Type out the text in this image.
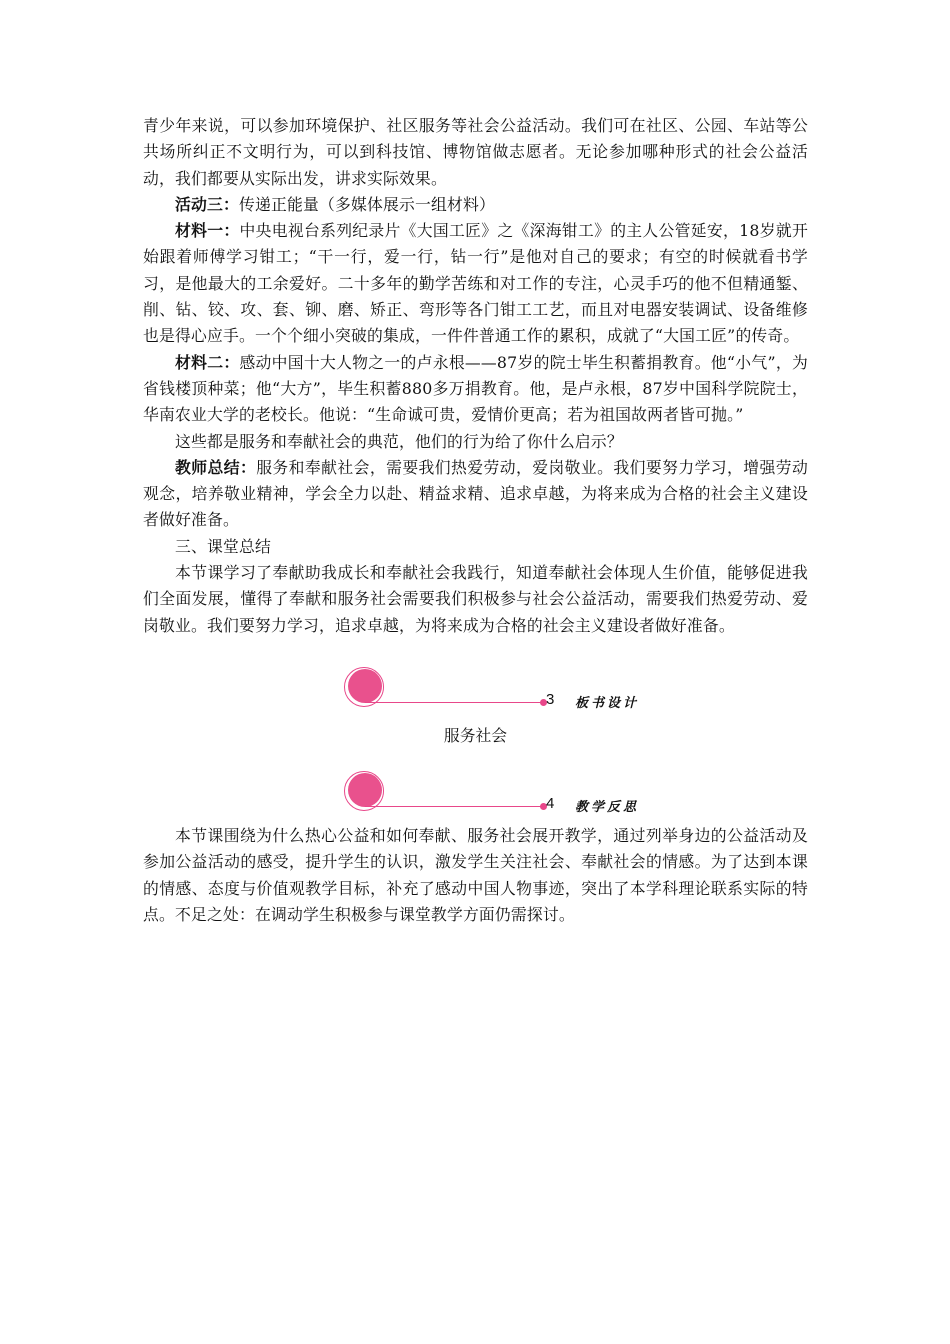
青少年来说，可以参加环境保护、社区服务等社会公益活动。我们可在社区、公园、车站等公共场所纠正不文明行为，可以到科技馆、博物馆做志愿者。无论参加哪种形式的社会公益活动，我们都要从实际出发，讲求实际效果。

活动三：传递正能量（多媒体展示一组材料）

材料一：中央电视台系列纪录片《大国工匠》之《深海钳工》的主人公管延安，18岁就开始跟着师傅学习钳工；“干一行，爱一行，钻一行”是他对自己的要求；有空的时候就看书学习，是他最大的工余爱好。二十多年的勤学苦练和对工作的专注，心灵手巧的他不但精通錾、削、钻、铰、攻、套、铆、磨、矫正、弯形等各门钳工工艺，而且对电器安装调试、设备维修也是得心应手。一个个细小突破的集成，一件件普通工作的累积，成就了“大国工匠”的传奇。

材料二：感动中国十大人物之一的卢永根——87岁的院士毕生积蓄捐教育。他“小气”，为省钱楼顶种菜；他“大方”，毕生积蓄880多万捐教育。他，是卢永根，87岁中国科学院院士，华南农业大学的老校长。他说：“生命诚可贵，爱情价更高；若为祖国故两者皆可抛。”

这些都是服务和奉献社会的典范，他们的行为给了你什么启示？

教师总结：服务和奉献社会，需要我们热爱劳动，爱岗敬业。我们要努力学习，增强劳动观念，培养敬业精神，学会全力以赴、精益求精、追求卓越，为将来成为合格的社会主义建设者做好准备。

三、课堂总结

本节课学习了奉献助我成长和奉献社会我践行，知道奉献社会体现人生价值，能够促进我们全面发展，懂得了奉献和服务社会需要我们积极参与社会公益活动，需要我们热爱劳动、爱岗敬业。我们要努力学习，追求卓越，为将来成为合格的社会主义建设者做好准备。

3 板书设计

服务社会

4 教学反思

本节课围绕为什么热心公益和如何奉献、服务社会展开教学，通过列举身边的公益活动及参加公益活动的感受，提升学生的认识，激发学生关注社会、奉献社会的情感。为了达到本课的情感、态度与价值观教学目标，补充了感动中国人物事迹，突出了本学科理论联系实际的特点。不足之处：在调动学生积极参与课堂教学方面仍需探讨。
